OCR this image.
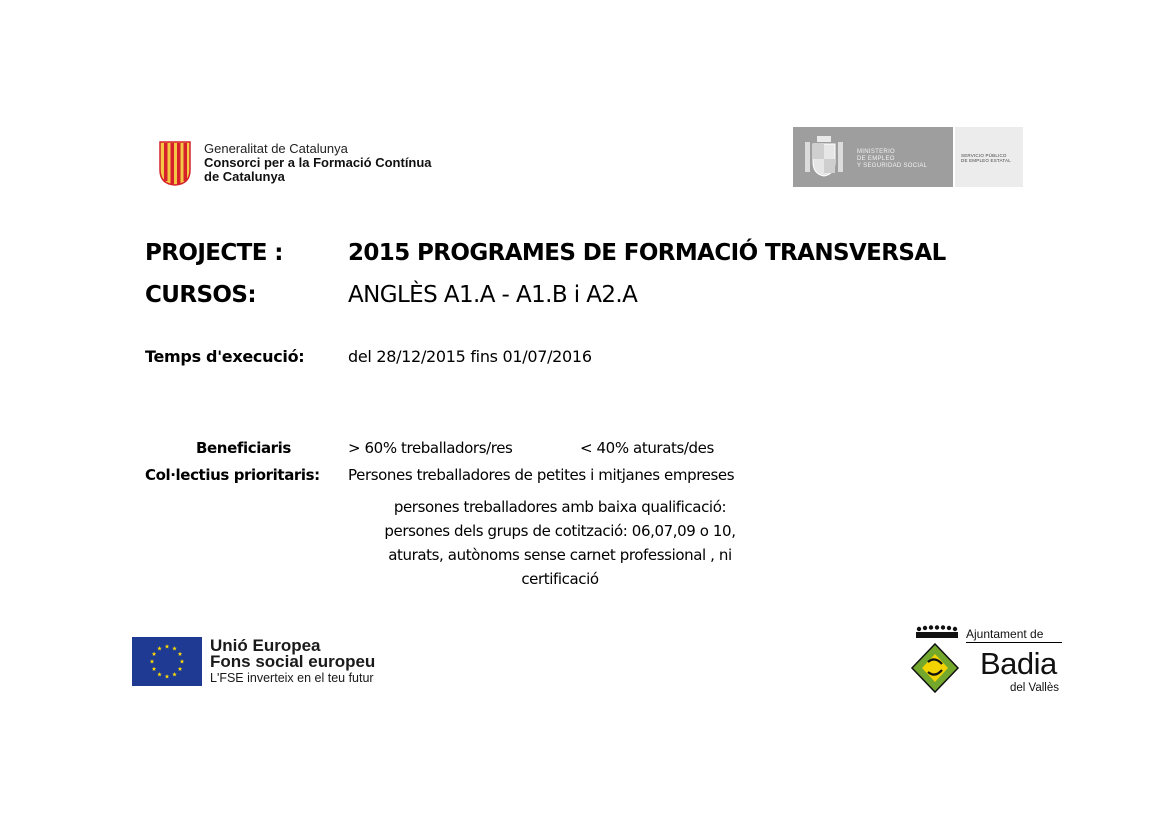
Generalitat de Catalunya
Consorci per a la Formació Contínua
de Catalunya
MINISTERIO
DE EMPLEO
Y SEGURIDAD SOCIAL
SERVICIO PÚBLICO
DE EMPLEO ESTATAL
PROJECTE :	2015 PROGRAMES DE FORMACIÓ TRANSVERSAL
CURSOS:	ANGLÈS A1.A - A1.B i A2.A
Temps d'execució:	del 28/12/2015 fins 01/07/2016
Beneficiaris	> 60% treballadors/res	< 40% aturats/des
Col·lectius prioritaris: Persones treballadores de petites i mitjanes empreses
persones treballadores amb baixa qualificació:
persones dels grups de cotització: 06,07,09 o 10,
aturats, autònoms sense carnet professional , ni
certificació
Unió Europea
Fons social europeu
L'FSE inverteix en el teu futur
Ajuntament de
Badia
del Vallès
